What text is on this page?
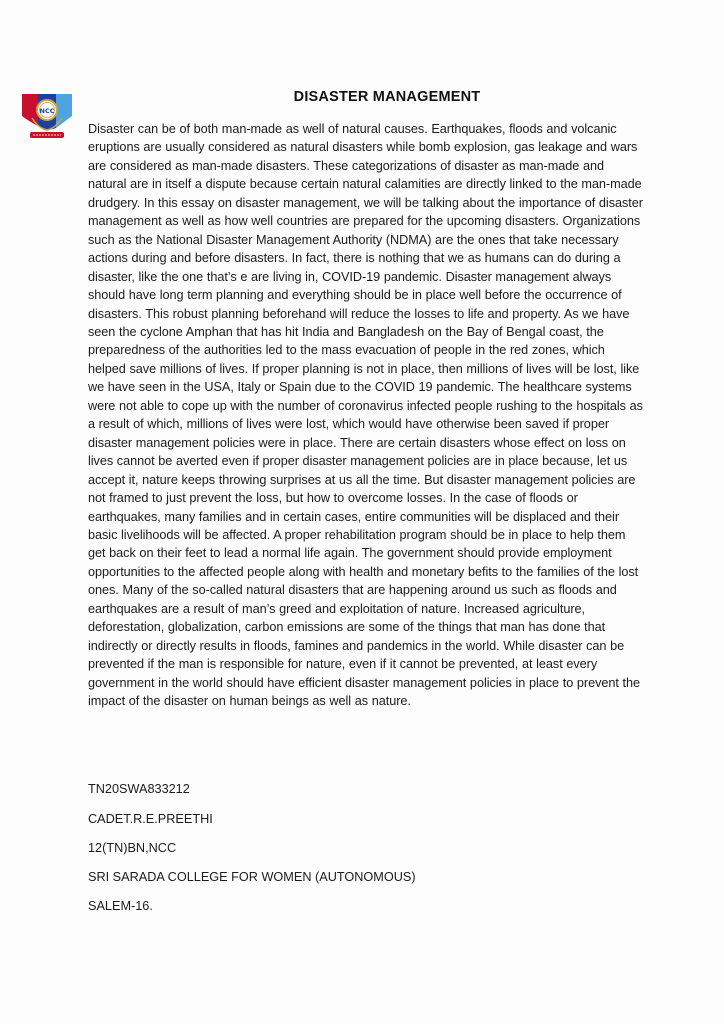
NCC
DISASTER MANAGEMENT
Disaster can be of both man-made as well of natural causes. Earthquakes, floods and volcanic eruptions are usually considered as natural disasters while bomb explosion, gas leakage and wars are considered as man-made disasters. These categorizations of disaster as man-made and natural are in itself a dispute because certain natural calamities are directly linked to the man-made drudgery. In this essay on disaster management, we will be talking about the importance of disaster management as well as how well countries are prepared for the upcoming disasters. Organizations such as the National Disaster Management Authority (NDMA) are the ones that take necessary actions during and before disasters. In fact, there is nothing that we as humans can do during a disaster, like the one that’s e are living in, COVID-19 pandemic. Disaster management always should have long term planning and everything should be in place well before the occurrence of disasters. This robust planning beforehand will reduce the losses to life and property. As we have seen the cyclone Amphan that has hit India and Bangladesh on the Bay of Bengal coast, the preparedness of the authorities led to the mass evacuation of people in the red zones, which helped save millions of lives. If proper planning is not in place, then millions of lives will be lost, like we have seen in the USA, Italy or Spain due to the COVID 19 pandemic. The healthcare systems were not able to cope up with the number of coronavirus infected people rushing to the hospitals as a result of which, millions of lives were lost, which would have otherwise been saved if proper disaster management policies were in place. There are certain disasters whose effect on loss on lives cannot be averted even if proper disaster management policies are in place because, let us accept it, nature keeps throwing surprises at us all the time. But disaster management policies are not framed to just prevent the loss, but how to overcome losses. In the case of floods or earthquakes, many families and in certain cases, entire communities will be displaced and their basic livelihoods will be affected. A proper rehabilitation program should be in place to help them get back on their feet to lead a normal life again. The government should provide employment opportunities to the affected people along with health and monetary befits to the families of the lost ones. Many of the so-called natural disasters that are happening around us such as floods and earthquakes are a result of man’s greed and exploitation of nature. Increased agriculture, deforestation, globalization, carbon emissions are some of the things that man has done that indirectly or directly results in floods, famines and pandemics in the world. While disaster can be prevented if the man is responsible for nature, even if it cannot be prevented, at least every government in the world should have efficient disaster management policies in place to prevent the impact of the disaster on human beings as well as nature.
TN20SWA833212
CADET.R.E.PREETHI
12(TN)BN,NCC
SRI SARADA COLLEGE FOR WOMEN (AUTONOMOUS)
SALEM-16.
